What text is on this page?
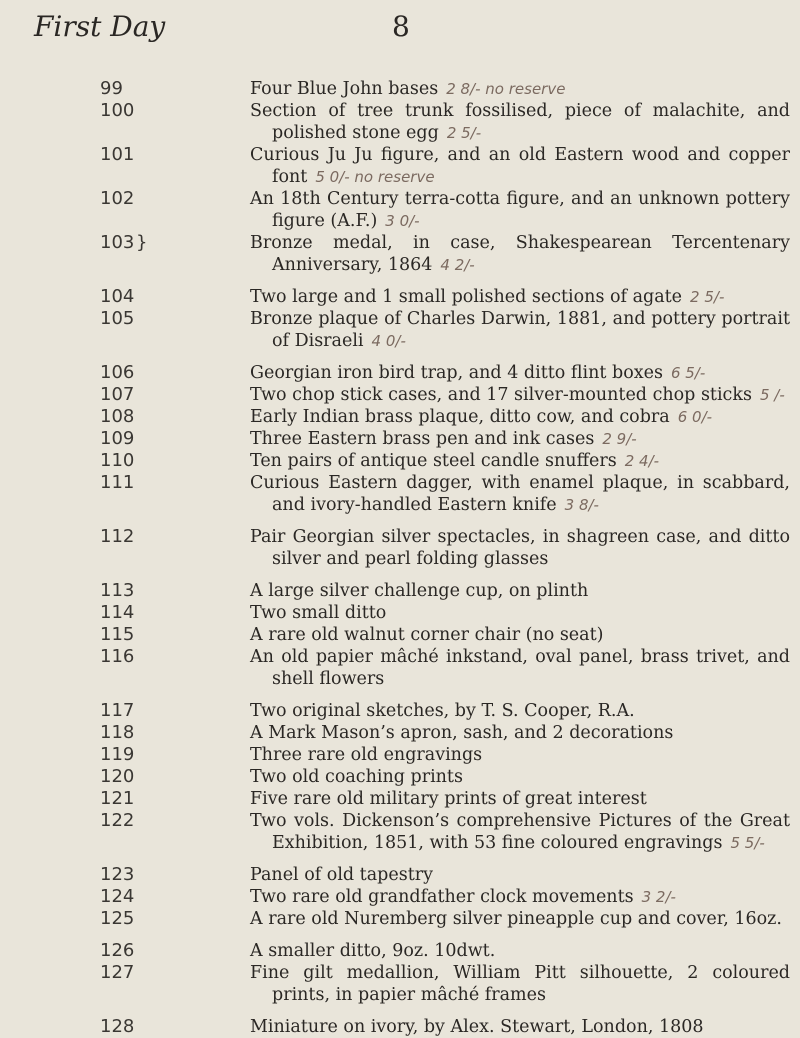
First Day	8
99	Four Blue John bases 2 8/- no reserve
100	Section of tree trunk fossilised, piece of malachite, and polished stone egg 2 5/-
101	Curious Ju Ju figure, and an old Eastern wood and copper font 5 0/- no reserve
102	An 18th Century terra-cotta figure, and an unknown pottery figure (A.F.) 3 0/-
103 }	Bronze medal, in case, Shakespearean Tercentenary Anniversary, 1864 4 2/-
104	Two large and 1 small polished sections of agate 2 5/-
105	Bronze plaque of Charles Darwin, 1881, and pottery portrait of Disraeli 4 0/-
106	Georgian iron bird trap, and 4 ditto flint boxes 6 5/-
107	Two chop stick cases, and 17 silver-mounted chop sticks 5 /-
108	Early Indian brass plaque, ditto cow, and cobra 6 0/-
109	Three Eastern brass pen and ink cases 2 9/-
110	Ten pairs of antique steel candle snuffers 2 4/-
111	Curious Eastern dagger, with enamel plaque, in scabbard, and ivory-handled Eastern knife 3 8/-
112	Pair Georgian silver spectacles, in shagreen case, and ditto silver and pearl folding glasses
113	A large silver challenge cup, on plinth
114	Two small ditto
115	A rare old walnut corner chair (no seat)
116	An old papier mâché inkstand, oval panel, brass trivet, and shell flowers
117	Two original sketches, by T. S. Cooper, R.A.
118	A Mark Mason’s apron, sash, and 2 decorations
119	Three rare old engravings
120	Two old coaching prints
121	Five rare old military prints of great interest
122	Two vols. Dickenson’s comprehensive Pictures of the Great Exhibition, 1851, with 53 fine coloured engravings 5 5/-
123	Panel of old tapestry
124	Two rare old grandfather clock movements 3 2/-
125	A rare old Nuremberg silver pineapple cup and cover, 16oz.
126	A smaller ditto, 9oz. 10dwt.
127	Fine gilt medallion, William Pitt silhouette, 2 coloured prints, in papier mâché frames
128	Miniature on ivory, by Alex. Stewart, London, 1808
